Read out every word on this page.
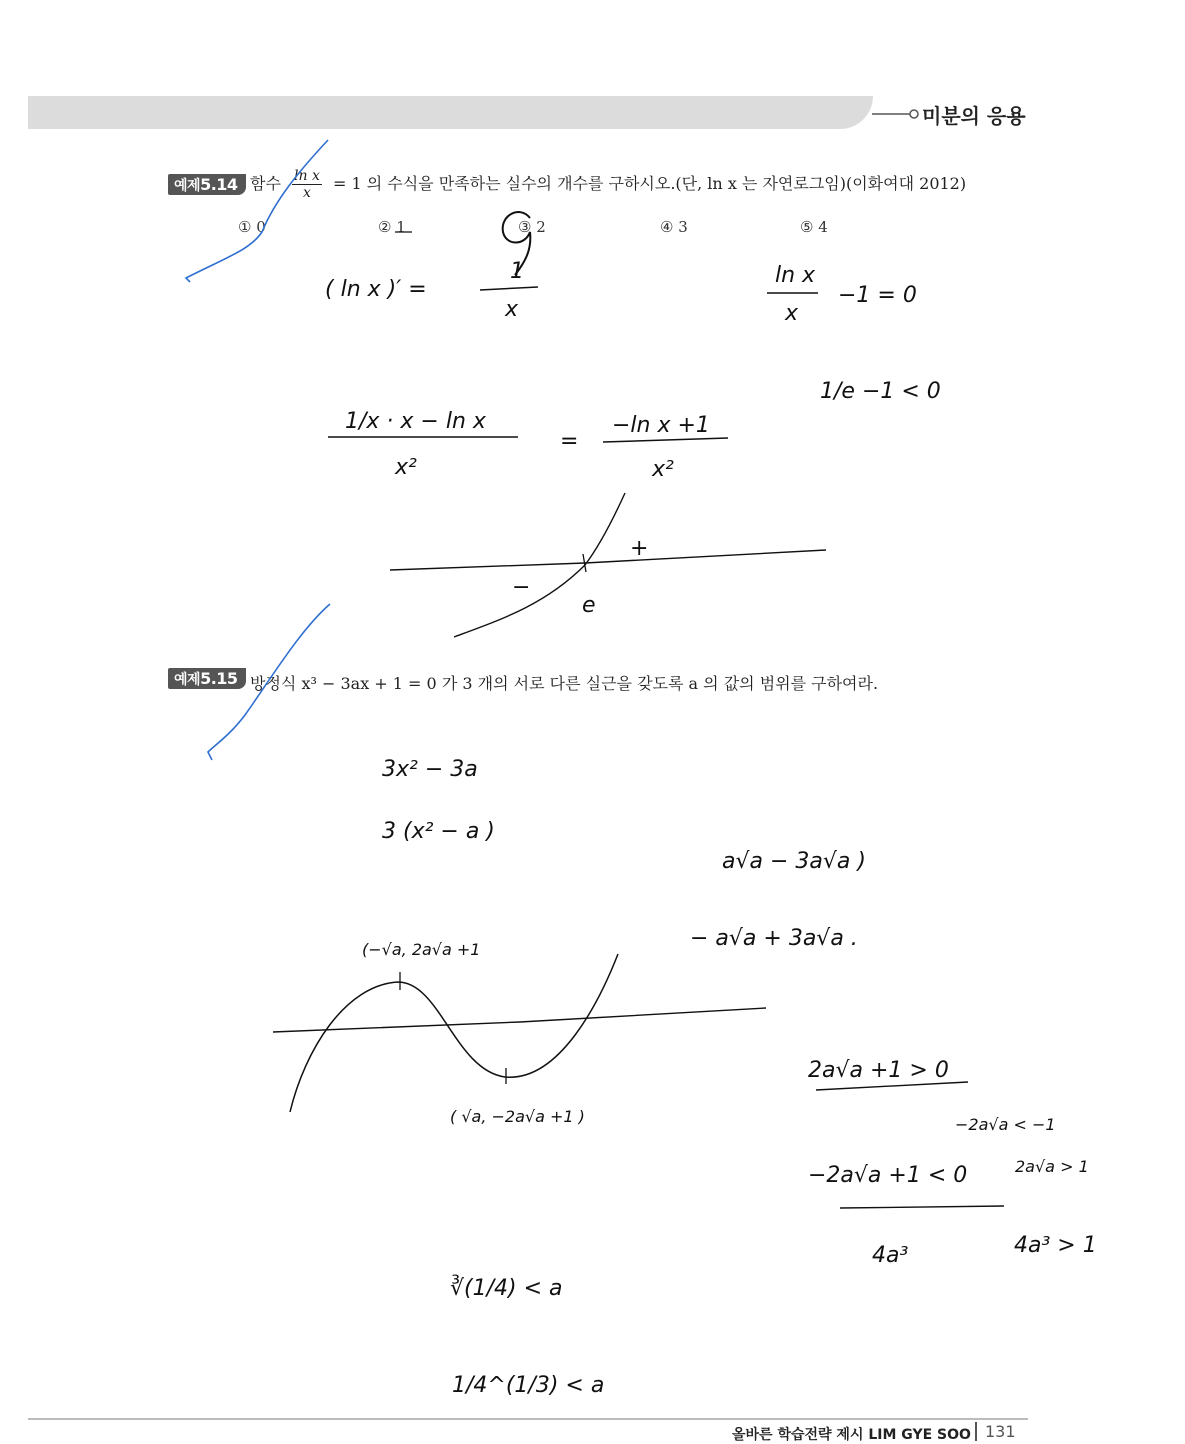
미분의 응용
예제5.14 함수 $\frac{\text{ln x}}{x} = 1$ 의 수식을 만족하는 실수의 개수를 구하시오.(단, ln x 는 자연로그임)(이화여대 2012)
① 0	② 1	③ 2	④ 3	⑤ 4
예제5.15 방정식 x³ − 3ax + 1 = 0 가 3 개의 서로 다른 실근을 갖도록 a 의 값의 범위를 구하여라.
( ln x )′ =
1
x
ln x
x
−1 = 0
1/e −1 < 0
1/x · x − ln x
x²
=
−ln x +1
x²
+
−
e
3x² − 3a
3 (x² − a )
a√a − 3a√a )
− a√a + 3a√a .
(−√a, 2a√a +1
( √a, −2a√a +1 )
2a√a +1 > 0
−2a√a < −1
−2a√a +1 < 0	2a√a > 1
4a³	4a³ > 1
∛(1/4) < a
1/4^(1/3) < a
올바른 학습전략 제시 LIM GYE SOO 131
